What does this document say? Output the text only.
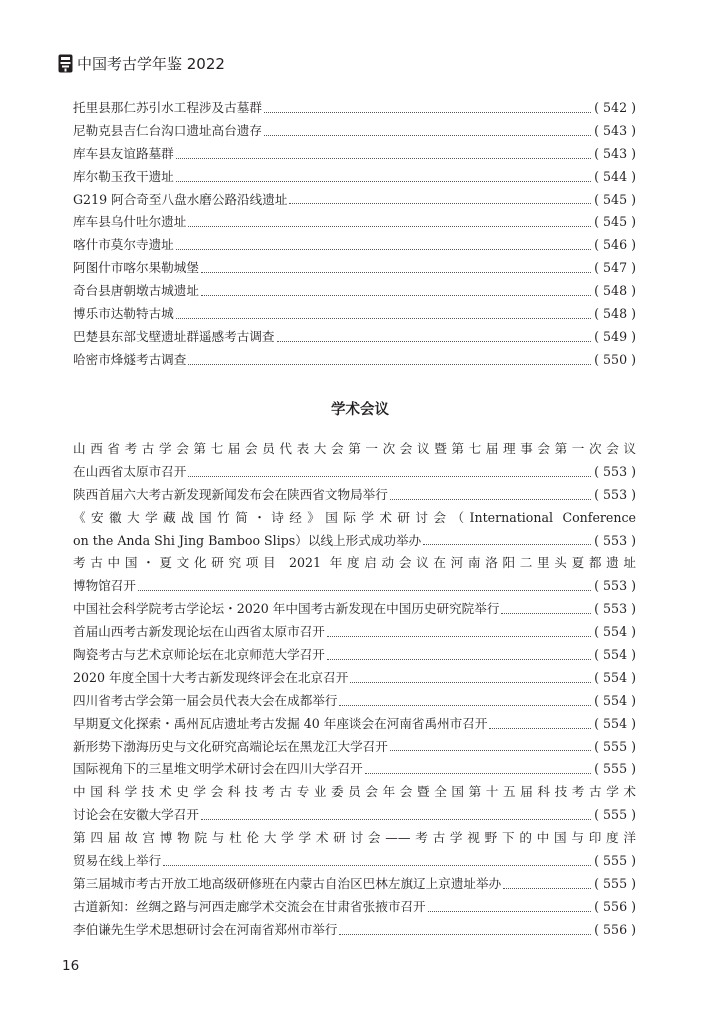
中国考古学年鉴 2022
托里县那仁苏引水工程涉及古墓群	( 542 )
尼勒克县吉仁台沟口遗址高台遗存	( 543 )
库车县友谊路墓群	( 543 )
库尔勒玉孜干遗址	( 544 )
G219 阿合奇至八盘水磨公路沿线遗址	( 545 )
库车县乌什吐尔遗址	( 545 )
喀什市莫尔寺遗址	( 546 )
阿图什市喀尔果勒城堡	( 547 )
奇台县唐朝墩古城遗址	( 548 )
博乐市达勒特古城	( 548 )
巴楚县东部戈壁遗址群遥感考古调查	( 549 )
哈密市烽燧考古调查	( 550 )
学术会议
山西省考古学会第七届会员代表大会第一次会议暨第七届理事会第一次会议
在山西省太原市召开	( 553 )
陕西首届六大考古新发现新闻发布会在陕西省文物局举行	( 553 )
《安徽大学藏战国竹简・诗经》国际学术研讨会（International Conference
on the Anda Shi Jing Bamboo Slips）以线上形式成功举办	( 553 )
考古中国・夏文化研究项目 2021 年度启动会议在河南洛阳二里头夏都遗址
博物馆召开	( 553 )
中国社会科学院考古学论坛・2020 年中国考古新发现在中国历史研究院举行	( 553 )
首届山西考古新发现论坛在山西省太原市召开	( 554 )
陶瓷考古与艺术京师论坛在北京师范大学召开	( 554 )
2020 年度全国十大考古新发现终评会在北京召开	( 554 )
四川省考古学会第一届会员代表大会在成都举行	( 554 )
早期夏文化探索・禹州瓦店遗址考古发掘 40 年座谈会在河南省禹州市召开	( 554 )
新形势下渤海历史与文化研究高端论坛在黑龙江大学召开	( 555 )
国际视角下的三星堆文明学术研讨会在四川大学召开	( 555 )
中国科学技术史学会科技考古专业委员会年会暨全国第十五届科技考古学术
讨论会在安徽大学召开	( 555 )
第四届故宫博物院与杜伦大学学术研讨会——考古学视野下的中国与印度洋
贸易在线上举行	( 555 )
第三届城市考古开放工地高级研修班在内蒙古自治区巴林左旗辽上京遗址举办	( 555 )
古道新知：丝绸之路与河西走廊学术交流会在甘肃省张掖市召开	( 556 )
李伯谦先生学术思想研讨会在河南省郑州市举行	( 556 )
16
